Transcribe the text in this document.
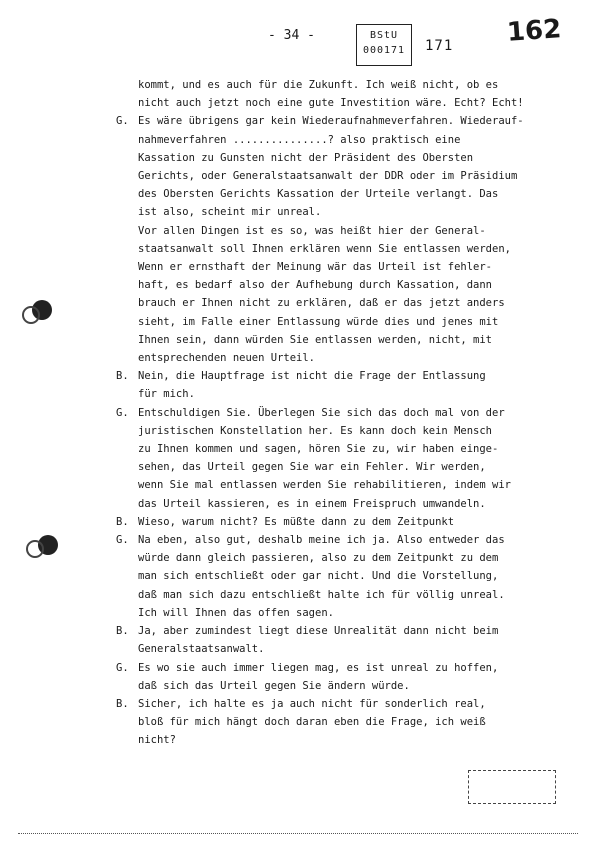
- 34 -	BStU
000171	171 162
kommt, und es auch für die Zukunft. Ich weiß nicht, ob es
nicht auch jetzt noch eine gute Investition wäre. Echt? Echt!
G. Es wäre übrigens gar kein Wiederaufnahmeverfahren. Wiederauf-
nahmeverfahren ...............? also praktisch eine
Kassation zu Gunsten nicht der Präsident des Obersten
Gerichts, oder Generalstaatsanwalt der DDR oder im Präsidium
des Obersten Gerichts Kassation der Urteile verlangt. Das
ist also, scheint mir unreal.
Vor allen Dingen ist es so, was heißt hier der General-
staatsanwalt soll Ihnen erklären wenn Sie entlassen werden,
Wenn er ernsthaft der Meinung wär das Urteil ist fehler-
haft, es bedarf also der Aufhebung durch Kassation, dann
brauch er Ihnen nicht zu erklären, daß er das jetzt anders
sieht, im Falle einer Entlassung würde dies und jenes mit
Ihnen sein, dann würden Sie entlassen werden, nicht, mit
entsprechenden neuen Urteil.
B. Nein, die Hauptfrage ist nicht die Frage der Entlassung
für mich.
G. Entschuldigen Sie. Überlegen Sie sich das doch mal von der
juristischen Konstellation her. Es kann doch kein Mensch
zu Ihnen kommen und sagen, hören Sie zu, wir haben einge-
sehen, das Urteil gegen Sie war ein Fehler. Wir werden,
wenn Sie mal entlassen werden Sie rehabilitieren, indem wir
das Urteil kassieren, es in einem Freispruch umwandeln.
B. Wieso, warum nicht? Es müßte dann zu dem Zeitpunkt
G. Na eben, also gut, deshalb meine ich ja. Also entweder das
würde dann gleich passieren, also zu dem Zeitpunkt zu dem
man sich entschließt oder gar nicht. Und die Vorstellung,
daß man sich dazu entschließt halte ich für völlig unreal.
Ich will Ihnen das offen sagen.
B. Ja, aber zumindest liegt diese Unrealität dann nicht beim
Generalstaatsanwalt.
G. Es wo sie auch immer liegen mag, es ist unreal zu hoffen,
daß sich das Urteil gegen Sie ändern würde.
B. Sicher, ich halte es ja auch nicht für sonderlich real,
bloß für mich hängt doch daran eben die Frage, ich weiß
nicht?
